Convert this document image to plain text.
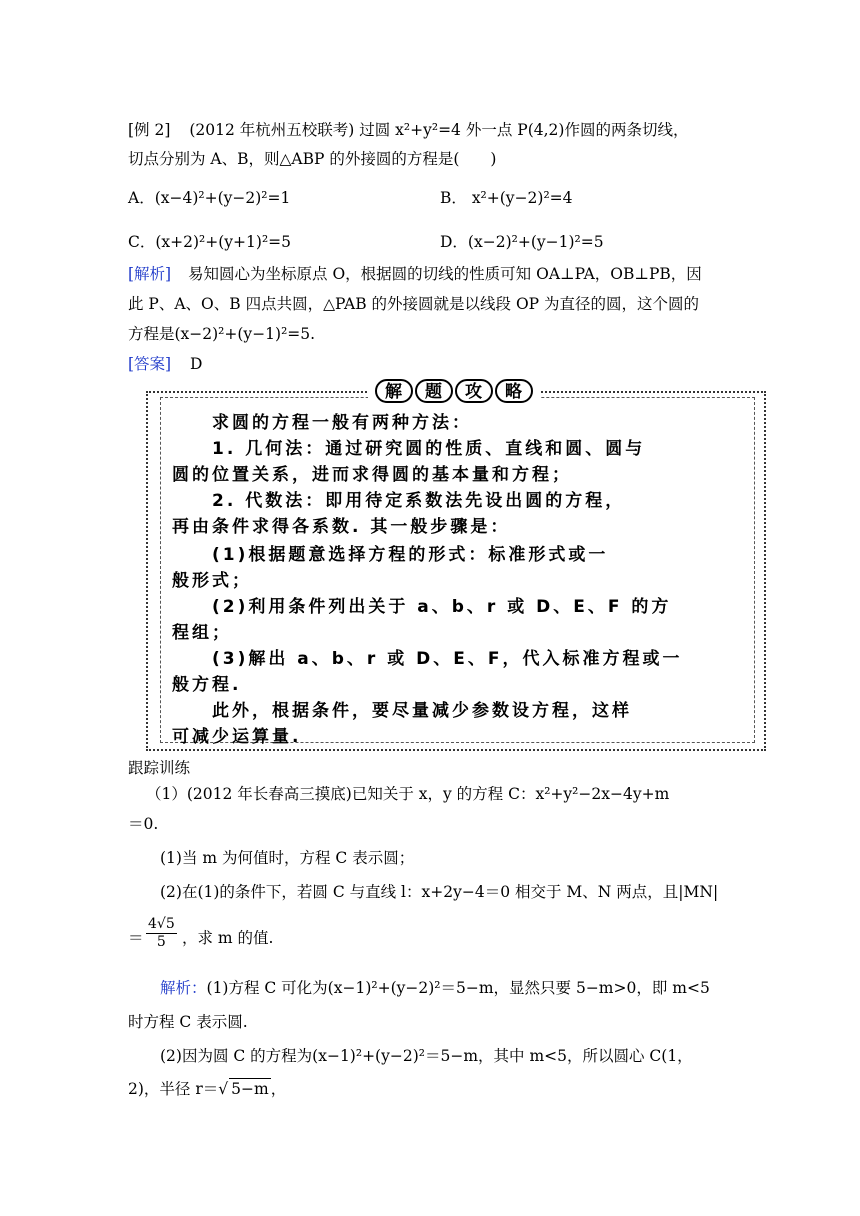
[例 2] (2012 年杭州五校联考) 过圆 x²+y²=4 外一点 P(4,2)作圆的两条切线，
切点分别为 A、B，则△ABP 的外接圆的方程是(　　)
A．(x−4)²+(y−2)²=1	B． x²+(y−2)²=4
C．(x+2)²+(y+1)²=5	D．(x−2)²+(y−1)²=5
[解析] 易知圆心为坐标原点 O，根据圆的切线的性质可知 OA⊥PA，OB⊥PB，因
此 P、A、O、B 四点共圆，△PAB 的外接圆就是以线段 OP 为直径的圆，这个圆的
方程是(x−2)²+(y−1)²=5.
[答案] D
解	题	攻	略
求圆的方程一般有两种方法：
1. 几何法：通过研究圆的性质、直线和圆、圆与
圆的位置关系，进而求得圆的基本量和方程；
2. 代数法：即用待定系数法先设出圆的方程，
再由条件求得各系数. 其一般步骤是：
(1)根据题意选择方程的形式：标准形式或一
般形式；
(2)利用条件列出关于 a、b、r 或 D、E、F 的方
程组；
(3)解出 a、b、r 或 D、E、F，代入标准方程或一
般方程.
此外，根据条件，要尽量减少参数设方程，这样
可减少运算量.
跟踪训练
（1）(2012 年长春高三摸底)已知关于 x，y 的方程 C：x²+y²−2x−4y+m
＝0.
(1)当 m 为何值时，方程 C 表示圆；
(2)在(1)的条件下，若圆 C 与直线 l：x+2y−4＝0 相交于 M、N 两点，且|MN|
＝ $\frac{4√5}{5}$ ，求 m 的值.
解析：(1)方程 C 可化为(x−1)²+(y−2)²＝5−m，显然只要 5−m>0，即 m<5
时方程 C 表示圆.
(2)因为圆 C 的方程为(x−1)²+(y−2)²＝5−m，其中 m<5，所以圆心 C(1，
2)，半径 r＝√ 5−m ，
